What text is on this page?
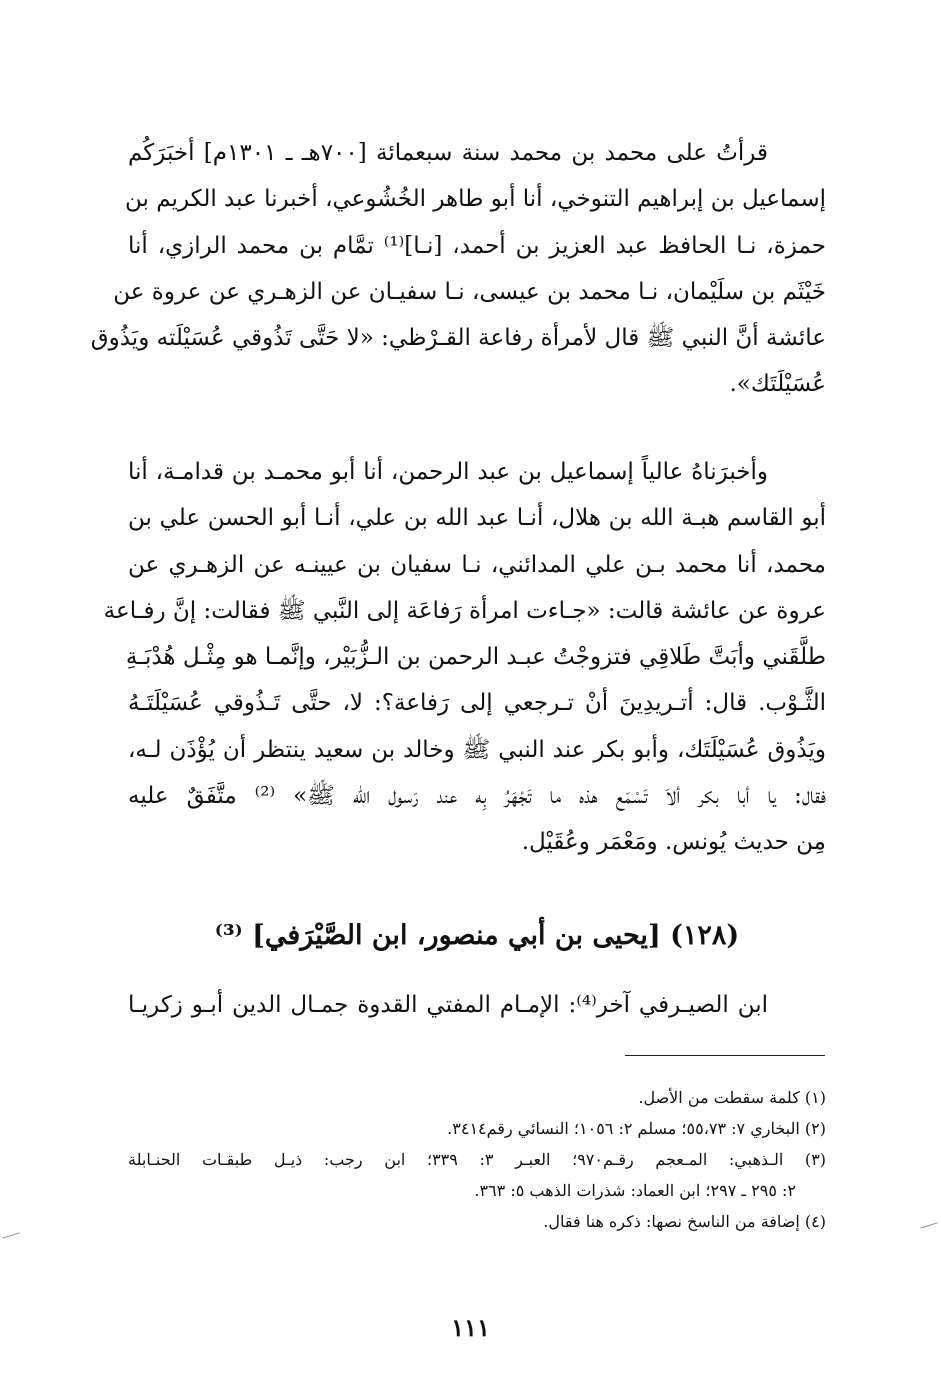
قرأتُ على محمد بن محمد سنة سبعمائة [٧٠٠هـ ـ ١٣٠١م] أخبَرَكُم
إسماعيل بن إبراهيم التنوخي، أنا أبو طاهر الخُشُوعي، أخبرنا عبد الكريم بن
حمزة، نـا الحافظ عبد العزيز بن أحمد، [نـا]⁽¹⁾ تمَّام بن محمد الرازي، أنا
خَيْثَم بن سلَيْمان، نـا محمد بن عيسى، نـا سفيـان عن الزهـري عن عروة عن
عائشة أنَّ النبي ﷺ قال لأمرأة رفاعة القـرْظي: «لا حَتَّى تَذُوقي عُسَيْلَته ويَذُوق
عُسَيْلَتَك».
وأخبرَناهُ عالياً إسماعيل بن عبد الرحمن، أنا أبو محمـد بن قدامـة، أنا
أبو القاسم هبـة الله بن هلال، أنـا عبد الله بن علي، أنـا أبو الحسن علي بن
محمد، أنا محمد بـن علي المدائني، نـا سفيان بن عيينـه عن الزهـري عن
عروة عن عائشة قالت: «جـاءت امرأة رَفاعَة إلى النَّبي ﷺ فقالت: إنَّ رفـاعة
طلَّقَني وأبَتَّ طَلاقِي فتزوجْتُ عبـد الرحمن بن الـزُّبَيْر، وإنَّمـا هو مِثْـل هُدْبَـةِ
الثَّـوْب. قال: أتـريدِينَ أنْ تـرجعي إلى رَفاعة؟: لا، حتَّى تَـذُوقي عُسَيْلَتَـهُ
ويَذُوق عُسَيْلَتَك، وأبو بكر عند النبي ﷺ وخالد بن سعيد ينتظر أن يُؤْذَن لـه،
فقال: يا أبا بكر ألاَ تَسْمَع هذه ما تَجْهَرُ بِه عند رَسول الله ﷺ» ⁽²⁾ متَّفَقٌ عليه
مِن حديث يُونس. ومَعْمَر وعُقَيْل.
(١٢٨) [يحيى بن أبي منصور، ابن الصَّيْرَفي] ⁽³⁾
ابن الصيـرفي آخر⁽⁴⁾: الإمـام المفتي القدوة جمـال الدين أبـو زكريـا
(١) كلمة سقطت من الأصل.
(٢) البخاري ٧: ٥٥،٧٣؛ مسلم ٢: ١٠٥٦؛ النسائي رقم٣٤١٤.
(٣) الـذهبي: المـعجم رقـم٩٧٠؛ العبـر ٣: ٣٣٩؛ ابن رجب: ذيـل طبقـات الحنـابلة
٢: ٢٩٥ ـ ٢٩٧؛ ابن العماد: شذرات الذهب ٥: ٣٦٣.
(٤) إضافة من الناسخ نصها: ذكره هنا فقال.
١١١
